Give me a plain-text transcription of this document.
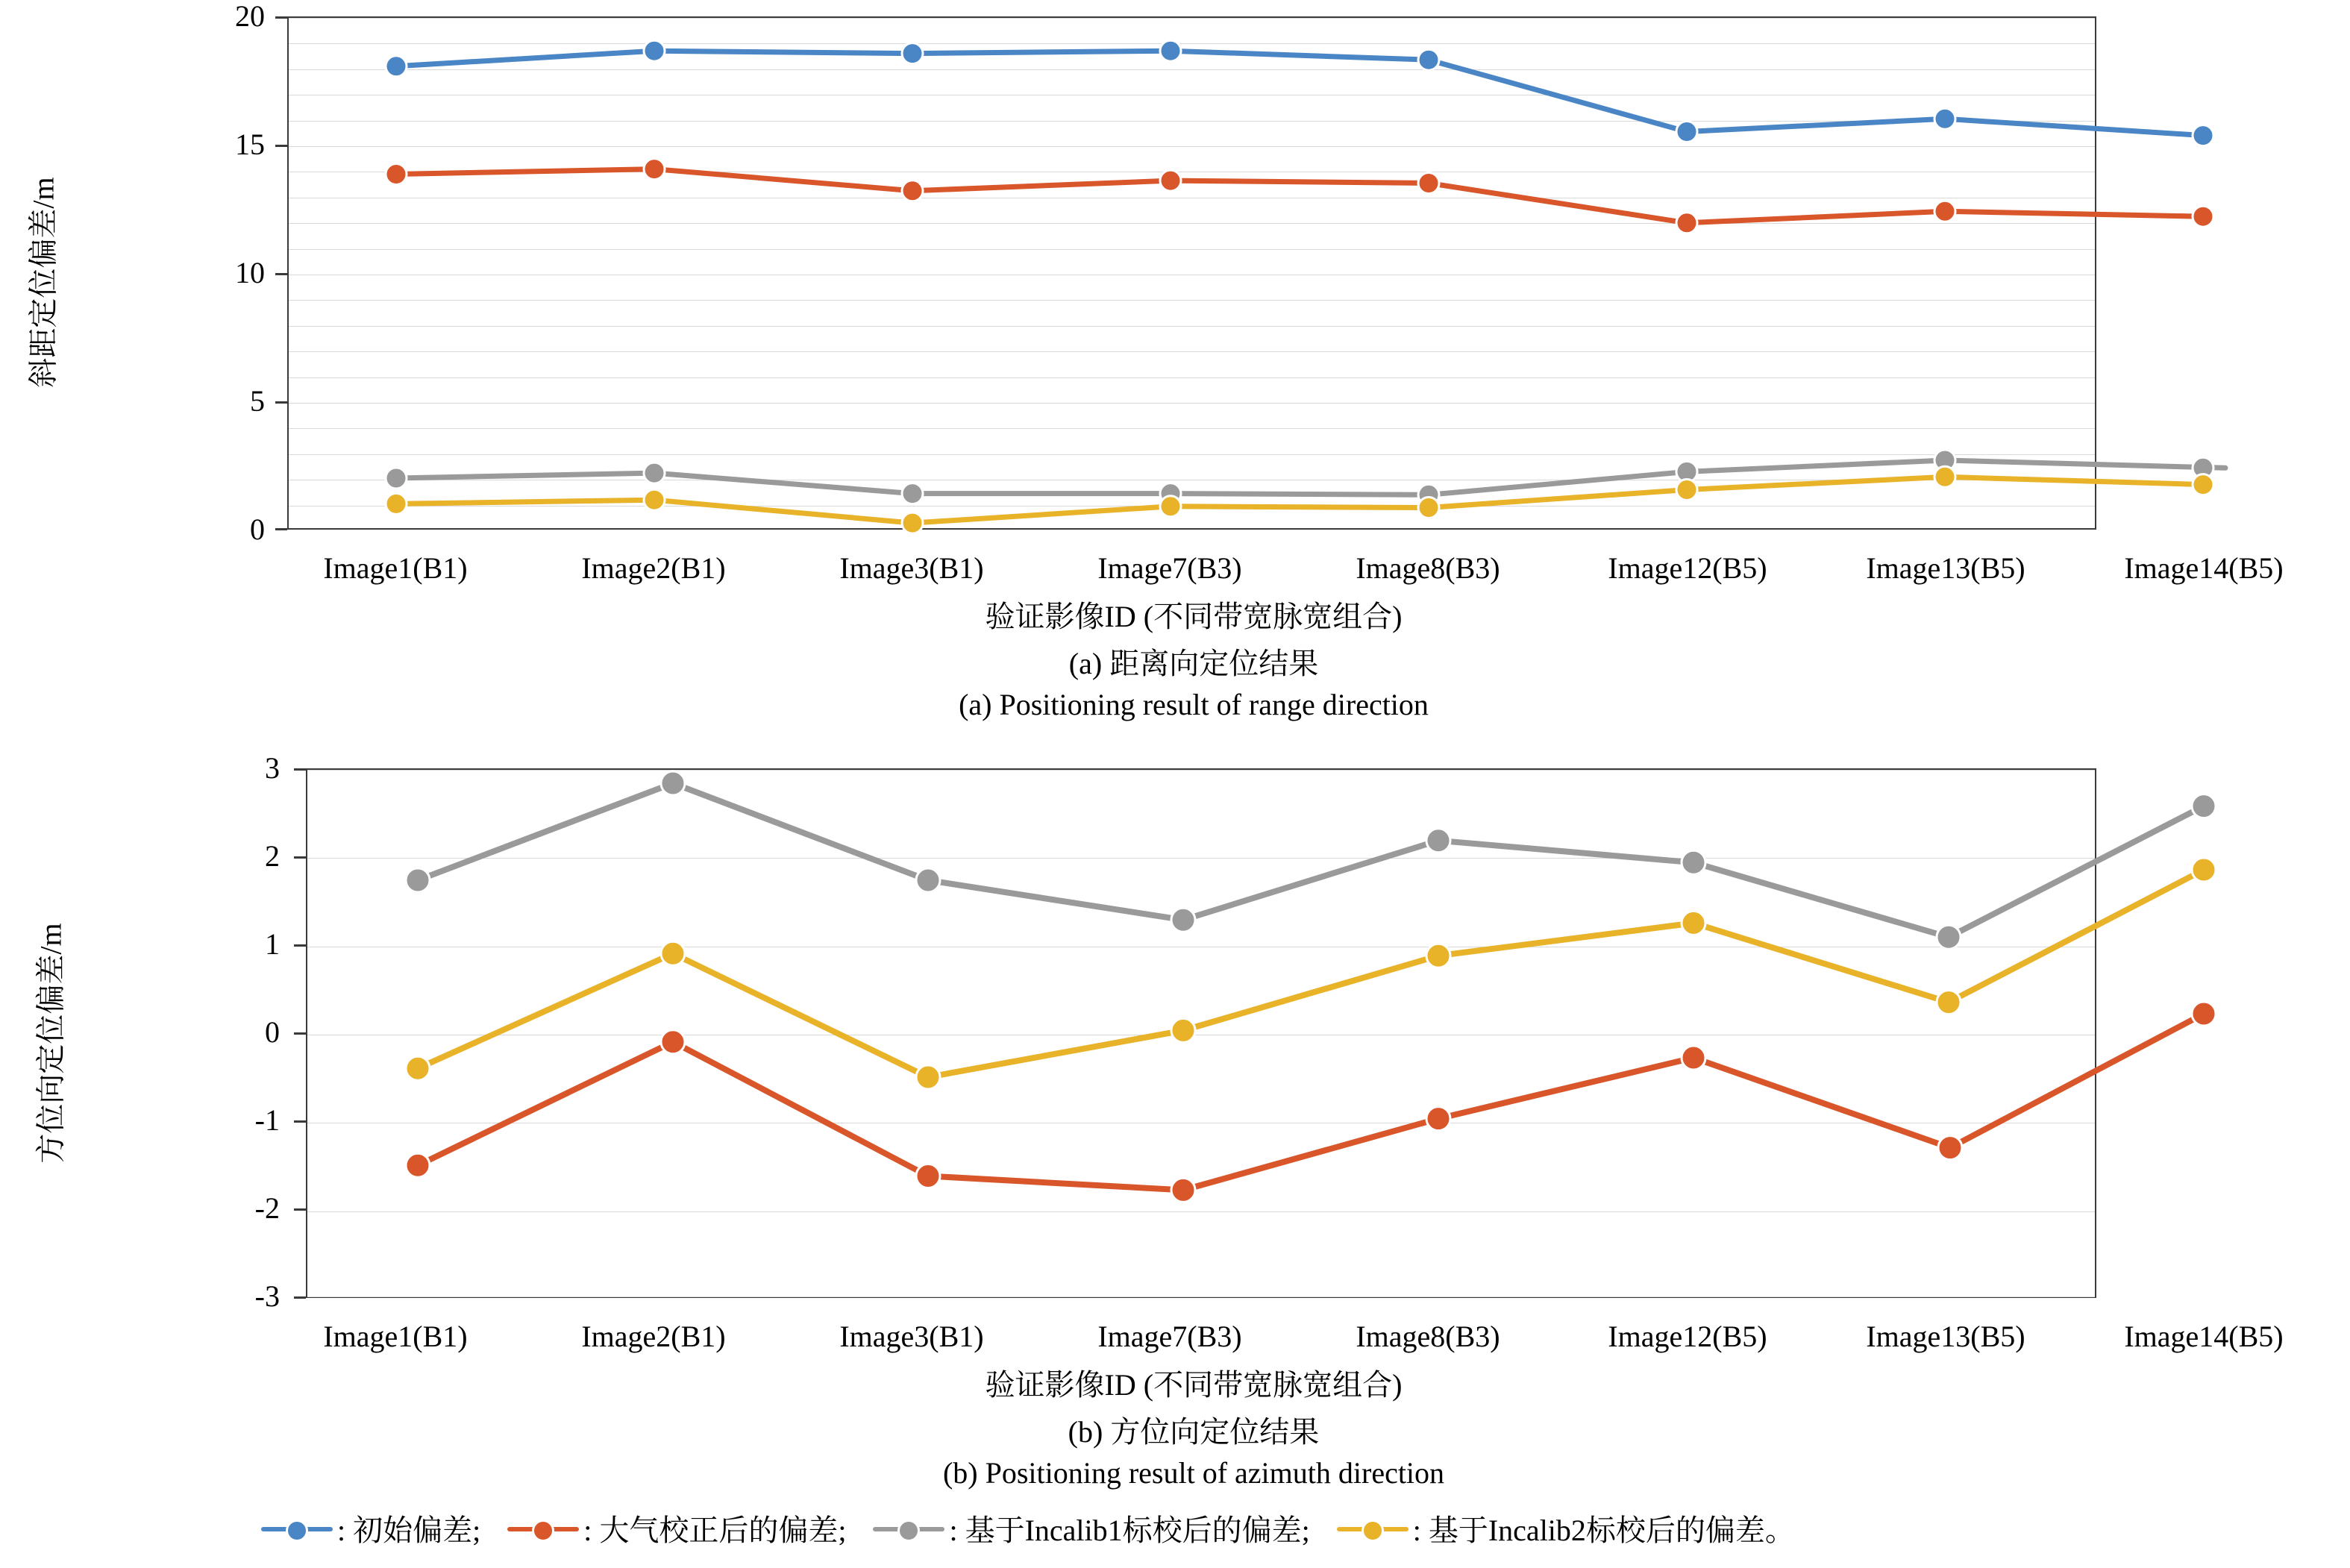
20
15
10
5
0
斜距定位偏差/m
Image1(B1)	Image2(B1)	Image3(B1)	Image7(B3)	Image8(B3)	Image12(B5)	Image13(B5)	Image14(B5)
验证影像ID (不同带宽脉宽组合)
(a) 距离向定位结果
(a) Positioning result of range direction
3
2
1
0
-1
-2
-3
方位向定位偏差/m
Image1(B1)	Image2(B1)	Image3(B1)	Image7(B3)	Image8(B3)	Image12(B5)	Image13(B5)	Image14(B5)
验证影像ID (不同带宽脉宽组合)
(b) 方位向定位结果
(b) Positioning result of azimuth direction
: 初始偏差;	: 大气校正后的偏差;	: 基于Incalib1标校后的偏差;	: 基于Incalib2标校后的偏差。
